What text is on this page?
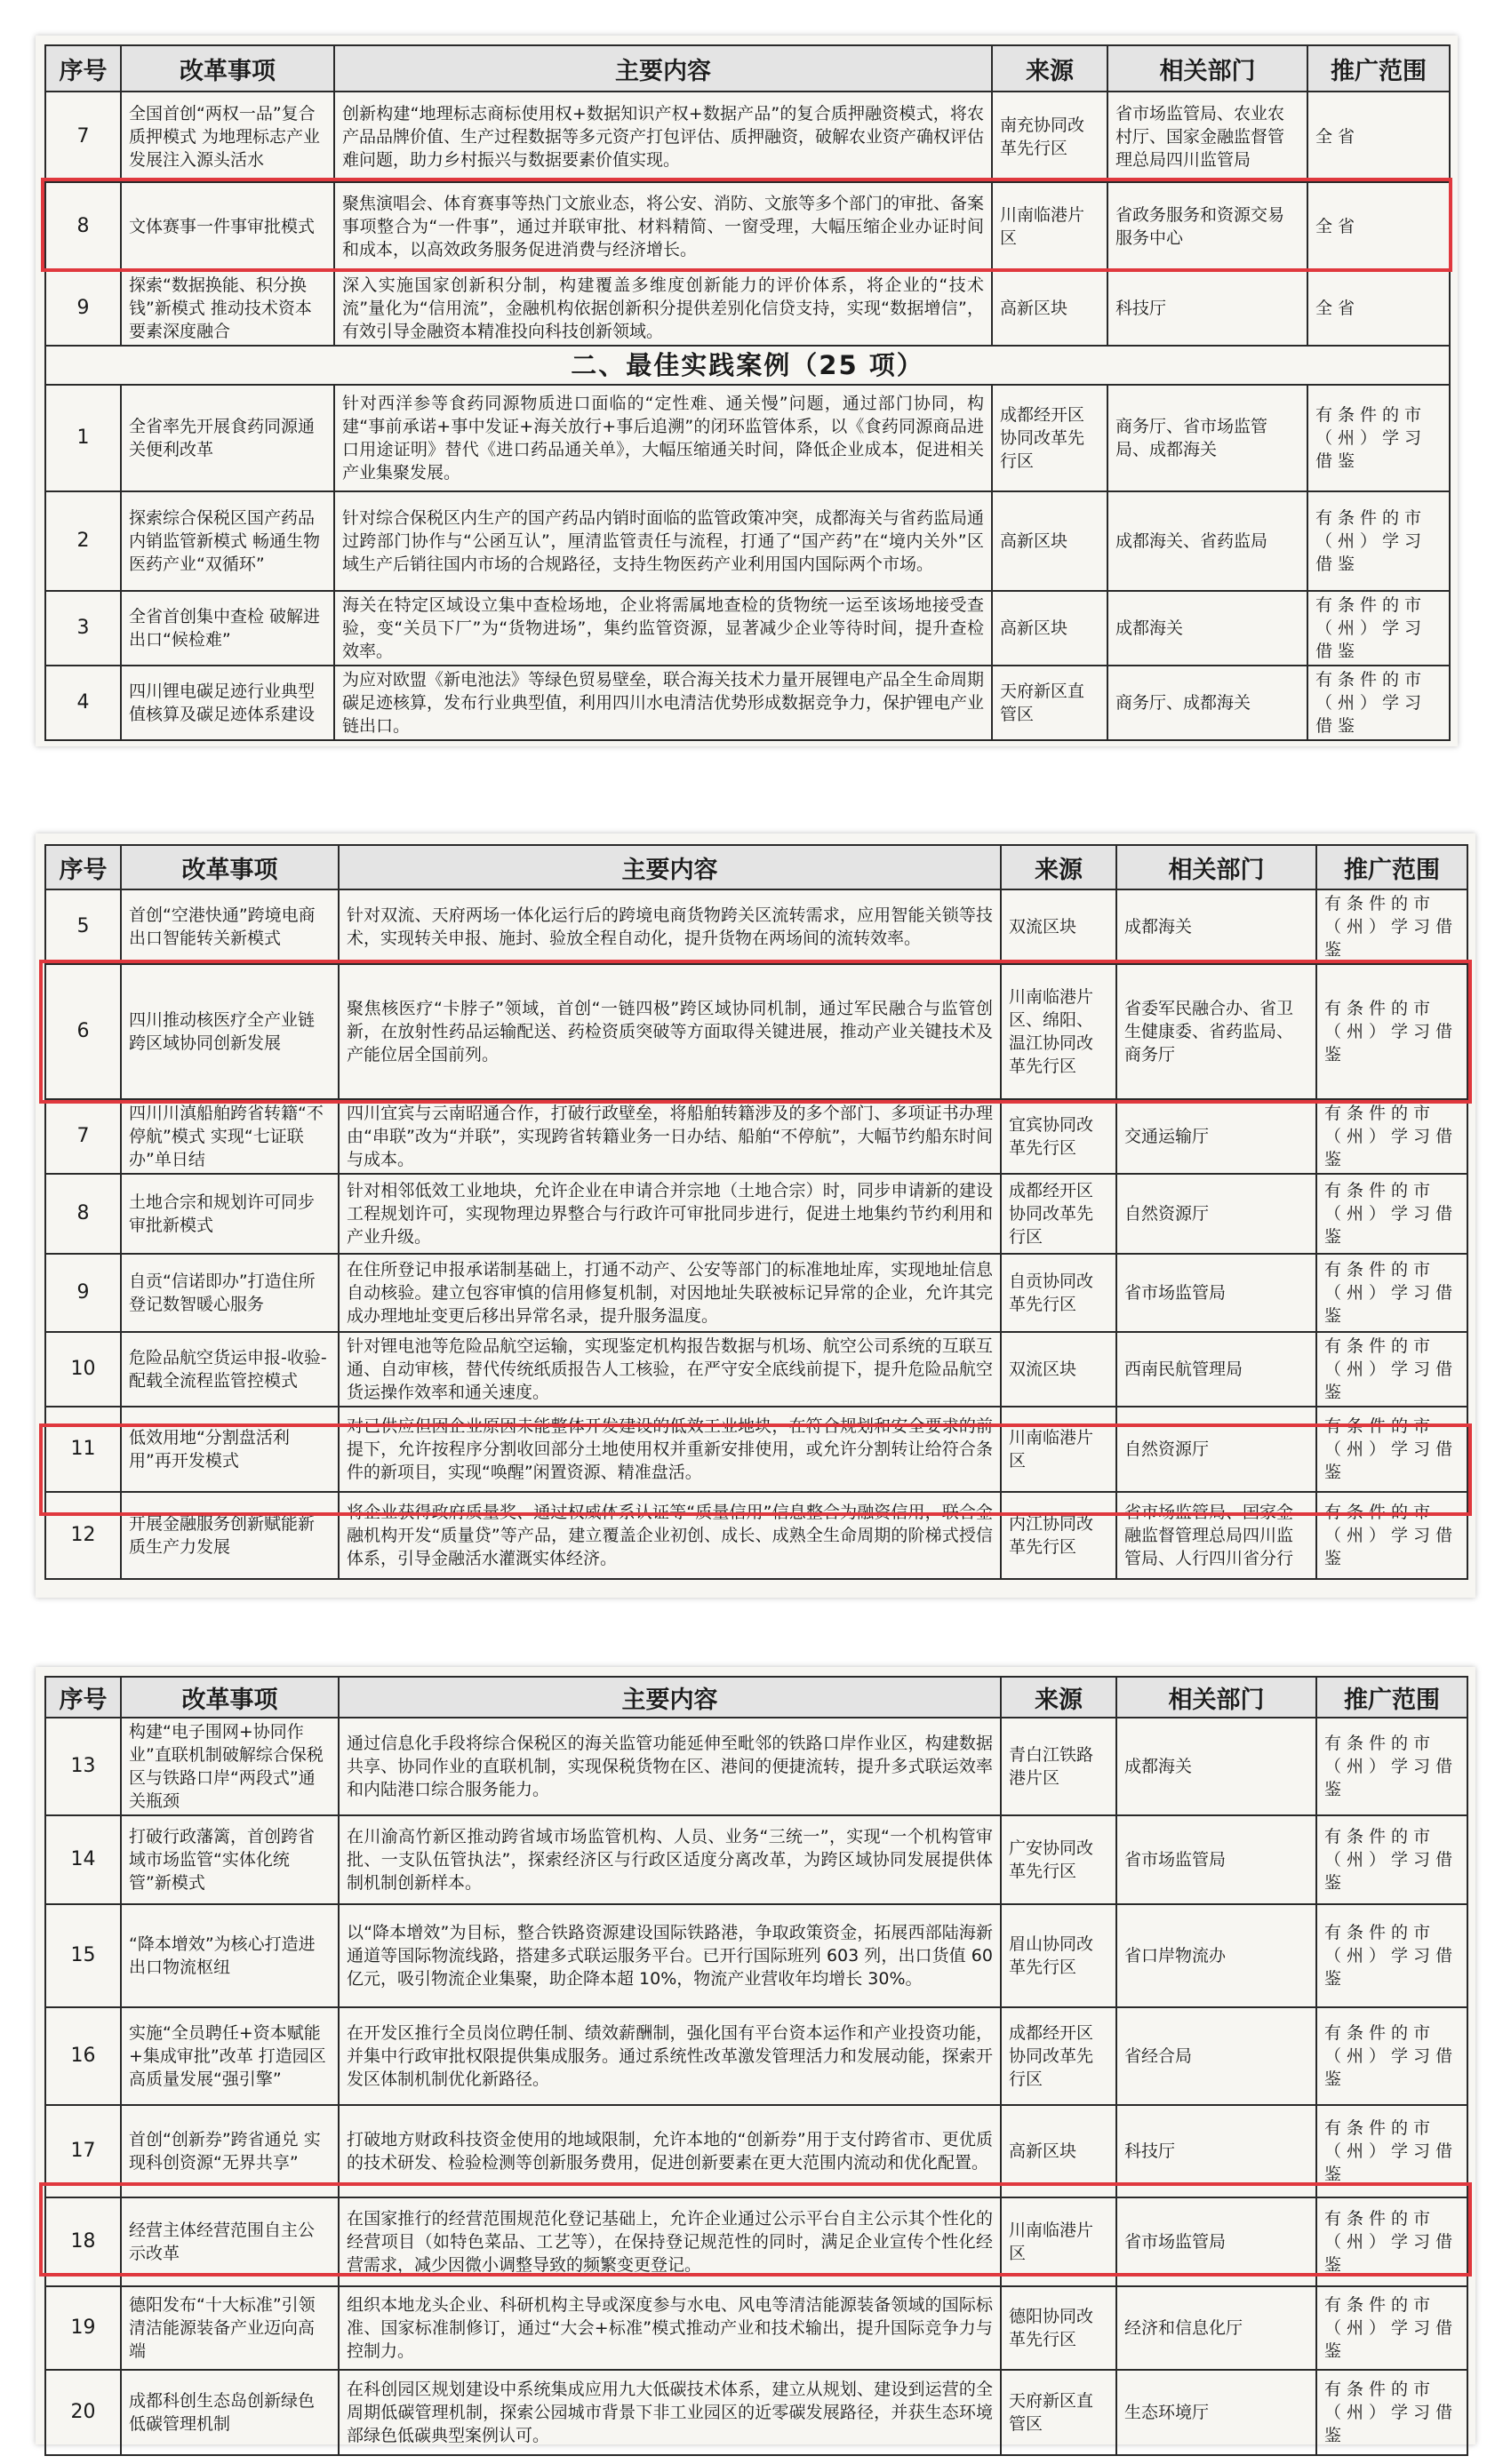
序号	改革事项	主要内容	来源	相关部门	推广范围
7	全国首创“两权一品”复合质押模式 为地理标志产业发展注入源头活水	创新构建“地理标志商标使用权+数据知识产权+数据产品”的复合质押融资模式，将农产品品牌价值、生产过程数据等多元资产打包评估、质押融资，破解农业资产确权评估难问题，助力乡村振兴与数据要素价值实现。	南充协同改革先行区	省市场监管局、农业农村厅、国家金融监督管理总局四川监管局	全省
8	文体赛事一件事审批模式	聚焦演唱会、体育赛事等热门文旅业态，将公安、消防、文旅等多个部门的审批、备案事项整合为“一件事”，通过并联审批、材料精简、一窗受理，大幅压缩企业办证时间和成本，以高效政务服务促进消费与经济增长。	川南临港片区	省政务服务和资源交易服务中心	全省
9	探索“数据换能、积分换钱”新模式 推动技术资本要素深度融合	深入实施国家创新积分制，构建覆盖多维度创新能力的评价体系，将企业的“技术流”量化为“信用流”，金融机构依据创新积分提供差别化信贷支持，实现“数据增信”，有效引导金融资本精准投向科技创新领域。	高新区块	科技厅	全省
二、最佳实践案例（25 项）					
1	全省率先开展食药同源通关便利改革	针对西洋参等食药同源物质进口面临的“定性难、通关慢”问题，通过部门协同，构建“事前承诺+事中发证+海关放行+事后追溯”的闭环监管体系，以《食药同源商品进口用途证明》替代《进口药品通关单》，大幅压缩通关时间，降低企业成本，促进相关产业集聚发展。	成都经开区协同改革先行区	商务厅、省市场监管局、成都海关	有条件的市（州）学习借鉴
2	探索综合保税区国产药品内销监管新模式 畅通生物医药产业“双循环”	针对综合保税区内生产的国产药品内销时面临的监管政策冲突，成都海关与省药监局通过跨部门协作与“公函互认”，厘清监管责任与流程，打通了“国产药”在“境内关外”区域生产后销往国内市场的合规路径，支持生物医药产业利用国内国际两个市场。	高新区块	成都海关、省药监局	有条件的市（州）学习借鉴
3	全省首创集中查检 破解进出口“候检难”	海关在特定区域设立集中查检场地，企业将需属地查检的货物统一运至该场地接受查验，变“关员下厂”为“货物进场”，集约监管资源，显著减少企业等待时间，提升查检效率。	高新区块	成都海关	有条件的市（州）学习借鉴
4	四川锂电碳足迹行业典型值核算及碳足迹体系建设	为应对欧盟《新电池法》等绿色贸易壁垒，联合海关技术力量开展锂电产品全生命周期碳足迹核算，发布行业典型值，利用四川水电清洁优势形成数据竞争力，保护锂电产业链出口。	天府新区直管区	商务厅、成都海关	有条件的市（州）学习借鉴
序号	改革事项	主要内容	来源	相关部门	推广范围
5	首创“空港快通”跨境电商出口智能转关新模式	针对双流、天府两场一体化运行后的跨境电商货物跨关区流转需求，应用智能关锁等技术，实现转关申报、施封、验放全程自动化，提升货物在两场间的流转效率。	双流区块	成都海关	有条件的市（州）学习借鉴
6	四川推动核医疗全产业链跨区域协同创新发展	聚焦核医疗“卡脖子”领域，首创“一链四极”跨区域协同机制，通过军民融合与监管创新，在放射性药品运输配送、药检资质突破等方面取得关键进展，推动产业关键技术及产能位居全国前列。	川南临港片区、绵阳、温江协同改革先行区	省委军民融合办、省卫生健康委、省药监局、商务厅	有条件的市（州）学习借鉴
7	四川川滇船舶跨省转籍“不停航”模式 实现“七证联办”单日结	四川宜宾与云南昭通合作，打破行政壁垒，将船舶转籍涉及的多个部门、多项证书办理由“串联”改为“并联”，实现跨省转籍业务一日办结、船舶“不停航”，大幅节约船东时间与成本。	宜宾协同改革先行区	交通运输厅	有条件的市（州）学习借鉴
8	土地合宗和规划许可同步审批新模式	针对相邻低效工业地块，允许企业在申请合并宗地（土地合宗）时，同步申请新的建设工程规划许可，实现物理边界整合与行政许可审批同步进行，促进土地集约节约利用和产业升级。	成都经开区协同改革先行区	自然资源厅	有条件的市（州）学习借鉴
9	自贡“信诺即办”打造住所登记数智暖心服务	在住所登记申报承诺制基础上，打通不动产、公安等部门的标准地址库，实现地址信息自动核验。建立包容审慎的信用修复机制，对因地址失联被标记异常的企业，允许其完成办理地址变更后移出异常名录，提升服务温度。	自贡协同改革先行区	省市场监管局	有条件的市（州）学习借鉴
10	危险品航空货运申报-收验-配载全流程监管控模式	针对锂电池等危险品航空运输，实现鉴定机构报告数据与机场、航空公司系统的互联互通、自动审核，替代传统纸质报告人工核验，在严守安全底线前提下，提升危险品航空货运操作效率和通关速度。	双流区块	西南民航管理局	有条件的市（州）学习借鉴
11	低效用地“分割盘活利用”再开发模式	对已供应但因企业原因未能整体开发建设的低效工业地块，在符合规划和安全要求的前提下，允许按程序分割收回部分土地使用权并重新安排使用，或允许分割转让给符合条件的新项目，实现“唤醒”闲置资源、精准盘活。	川南临港片区	自然资源厅	有条件的市（州）学习借鉴
12	开展金融服务创新赋能新质生产力发展	将企业获得政府质量奖、通过权威体系认证等“质量信用”信息整合为融资信用，联合金融机构开发“质量贷”等产品，建立覆盖企业初创、成长、成熟全生命周期的阶梯式授信体系，引导金融活水灌溉实体经济。	内江协同改革先行区	省市场监管局、国家金融监督管理总局四川监管局、人行四川省分行	有条件的市（州）学习借鉴
序号	改革事项	主要内容	来源	相关部门	推广范围
13	构建“电子围网+协同作业”直联机制破解综合保税区与铁路口岸“两段式”通关瓶颈	通过信息化手段将综合保税区的海关监管功能延伸至毗邻的铁路口岸作业区，构建数据共享、协同作业的直联机制，实现保税货物在区、港间的便捷流转，提升多式联运效率和内陆港口综合服务能力。	青白江铁路港片区	成都海关	有条件的市（州）学习借鉴
14	打破行政藩篱，首创跨省域市场监管“实体化统管”新模式	在川渝高竹新区推动跨省域市场监管机构、人员、业务“三统一”，实现“一个机构管审批、一支队伍管执法”，探索经济区与行政区适度分离改革，为跨区域协同发展提供体制机制创新样本。	广安协同改革先行区	省市场监管局	有条件的市（州）学习借鉴
15	“降本增效”为核心打造进出口物流枢纽	以“降本增效”为目标，整合铁路资源建设国际铁路港，争取政策资金，拓展西部陆海新通道等国际物流线路，搭建多式联运服务平台。已开行国际班列 603 列，出口货值 60 亿元，吸引物流企业集聚，助企降本超 10%，物流产业营收年均增长 30%。	眉山协同改革先行区	省口岸物流办	有条件的市（州）学习借鉴
16	实施“全员聘任+资本赋能+集成审批”改革 打造园区高质量发展“强引擎”	在开发区推行全员岗位聘任制、绩效薪酬制，强化国有平台资本运作和产业投资功能，并集中行政审批权限提供集成服务。通过系统性改革激发管理活力和发展动能，探索开发区体制机制优化新路径。	成都经开区协同改革先行区	省经合局	有条件的市（州）学习借鉴
17	首创“创新券”跨省通兑 实现科创资源“无界共享”	打破地方财政科技资金使用的地域限制，允许本地的“创新券”用于支付跨省市、更优质的技术研发、检验检测等创新服务费用，促进创新要素在更大范围内流动和优化配置。	高新区块	科技厅	有条件的市（州）学习借鉴
18	经营主体经营范围自主公示改革	在国家推行的经营范围规范化登记基础上，允许企业通过公示平台自主公示其个性化的经营项目（如特色菜品、工艺等），在保持登记规范性的同时，满足企业宣传个性化经营需求，减少因微小调整导致的频繁变更登记。	川南临港片区	省市场监管局	有条件的市（州）学习借鉴
19	德阳发布“十大标准”引领清洁能源装备产业迈向高端	组织本地龙头企业、科研机构主导或深度参与水电、风电等清洁能源装备领域的国际标准、国家标准制修订，通过“大会+标准”模式推动产业和技术输出，提升国际竞争力与控制力。	德阳协同改革先行区	经济和信息化厅	有条件的市（州）学习借鉴
20	成都科创生态岛创新绿色低碳管理机制	在科创园区规划建设中系统集成应用九大低碳技术体系，建立从规划、建设到运营的全周期低碳管理机制，探索公园城市背景下非工业园区的近零碳发展路径，并获生态环境部绿色低碳典型案例认可。	天府新区直管区	生态环境厅	有条件的市（州）学习借鉴
